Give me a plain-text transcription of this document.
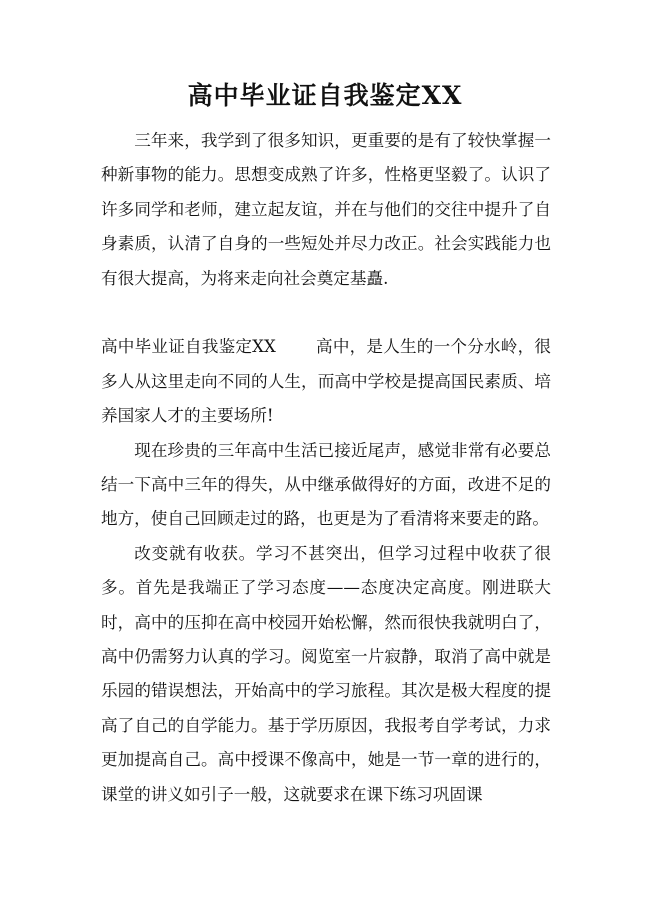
高中毕业证自我鉴定XX

三年来，我学到了很多知识，更重要的是有了较快掌握一种新事物的能力。思想变成熟了许多，性格更坚毅了。认识了许多同学和老师，建立起友谊，并在与他们的交往中提升了自身素质，认清了自身的一些短处并尽力改正。社会实践能力也有很大提高，为将来走向社会奠定基矗.

高中毕业证自我鉴定XX 高中，是人生的一个分水岭，很多人从这里走向不同的人生，而高中学校是提高国民素质、培养国家人才的主要场所!

现在珍贵的三年高中生活已接近尾声，感觉非常有必要总结一下高中三年的得失，从中继承做得好的方面，改进不足的地方，使自己回顾走过的路，也更是为了看清将来要走的路。

改变就有收获。学习不甚突出，但学习过程中收获了很多。首先是我端正了学习态度——态度决定高度。刚进联大时，高中的压抑在高中校园开始松懈，然而很快我就明白了，高中仍需努力认真的学习。阅览室一片寂静，取消了高中就是乐园的错误想法，开始高中的学习旅程。其次是极大程度的提高了自己的自学能力。基于学历原因，我报考自学考试，力求更加提高自己。高中授课不像高中，她是一节一章的进行的，课堂的讲义如引子一般，这就要求在课下练习巩固课
